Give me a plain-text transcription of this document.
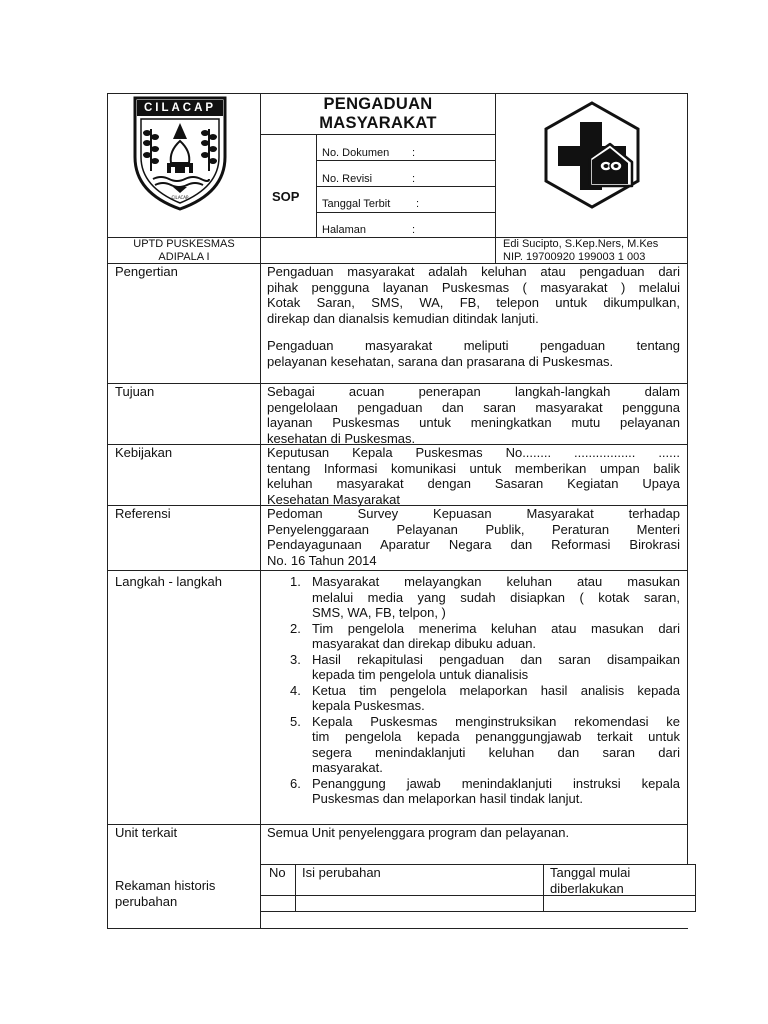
CILACAP
CILACAP	PENGADUAN
MASYARAKAT
SOP
No. Dokumen :
No. Revisi	:
Tanggal Terbit :
Halaman	:
UPTD PUSKESMAS
ADIPALA I
Edi Sucipto, S.Kep.Ners, M.Kes
NIP. 19700920 199003 1 003
Pengertian	Pengaduan masyarakat adalah keluhan atau pengaduan dari
pihak pengguna layanan Puskesmas ( masyarakat ) melalui
Kotak Saran, SMS, WA, FB, telepon untuk dikumpulkan,
direkap dan dianalsis kemudian ditindak lanjuti.
Pengaduan masyarakat meliputi pengaduan tentang
pelayanan kesehatan, sarana dan prasarana di Puskesmas.
Tujuan	Sebagai acuan penerapan langkah-langkah dalam
pengelolaan pengaduan dan saran masyarakat pengguna
layanan Puskesmas untuk meningkatkan mutu pelayanan
kesehatan di Puskesmas.
Kebijakan	Keputusan Kepala Puskesmas No........ ................. ......
tentang Informasi komunikasi untuk memberikan umpan balik
keluhan masyarakat dengan Sasaran Kegiatan Upaya
Kesehatan Masyarakat
Referensi	Pedoman Survey Kepuasan Masyarakat terhadap
Penyelenggaraan Pelayanan Publik, Peraturan Menteri
Pendayagunaan Aparatur Negara dan Reformasi Birokrasi
No. 16 Tahun 2014
Langkah - langkah	1. Masyarakat melayangkan keluhan atau masukan
melalui media yang sudah disiapkan ( kotak saran,
SMS, WA, FB, telpon, )
2. Tim pengelola menerima keluhan atau masukan dari
masyarakat dan direkap dibuku aduan.
3. Hasil rekapitulasi pengaduan dan saran disampaikan
kepada tim pengelola untuk dianalisis
4. Ketua tim pengelola melaporkan hasil analisis kepada
kepala Puskesmas.
5. Kepala Puskesmas menginstruksikan rekomendasi ke
tim pengelola kepada penanggungjawab terkait untuk
segera menindaklanjuti keluhan dan saran dari
masyarakat.
6. Penanggung jawab menindaklanjuti instruksi kepala
Puskesmas dan melaporkan hasil tindak lanjut.
Unit terkait	Semua Unit penyelenggara program dan pelayanan.
Rekaman historis
perubahan
No Isi perubahan	Tanggal mulai
diberlakukan
